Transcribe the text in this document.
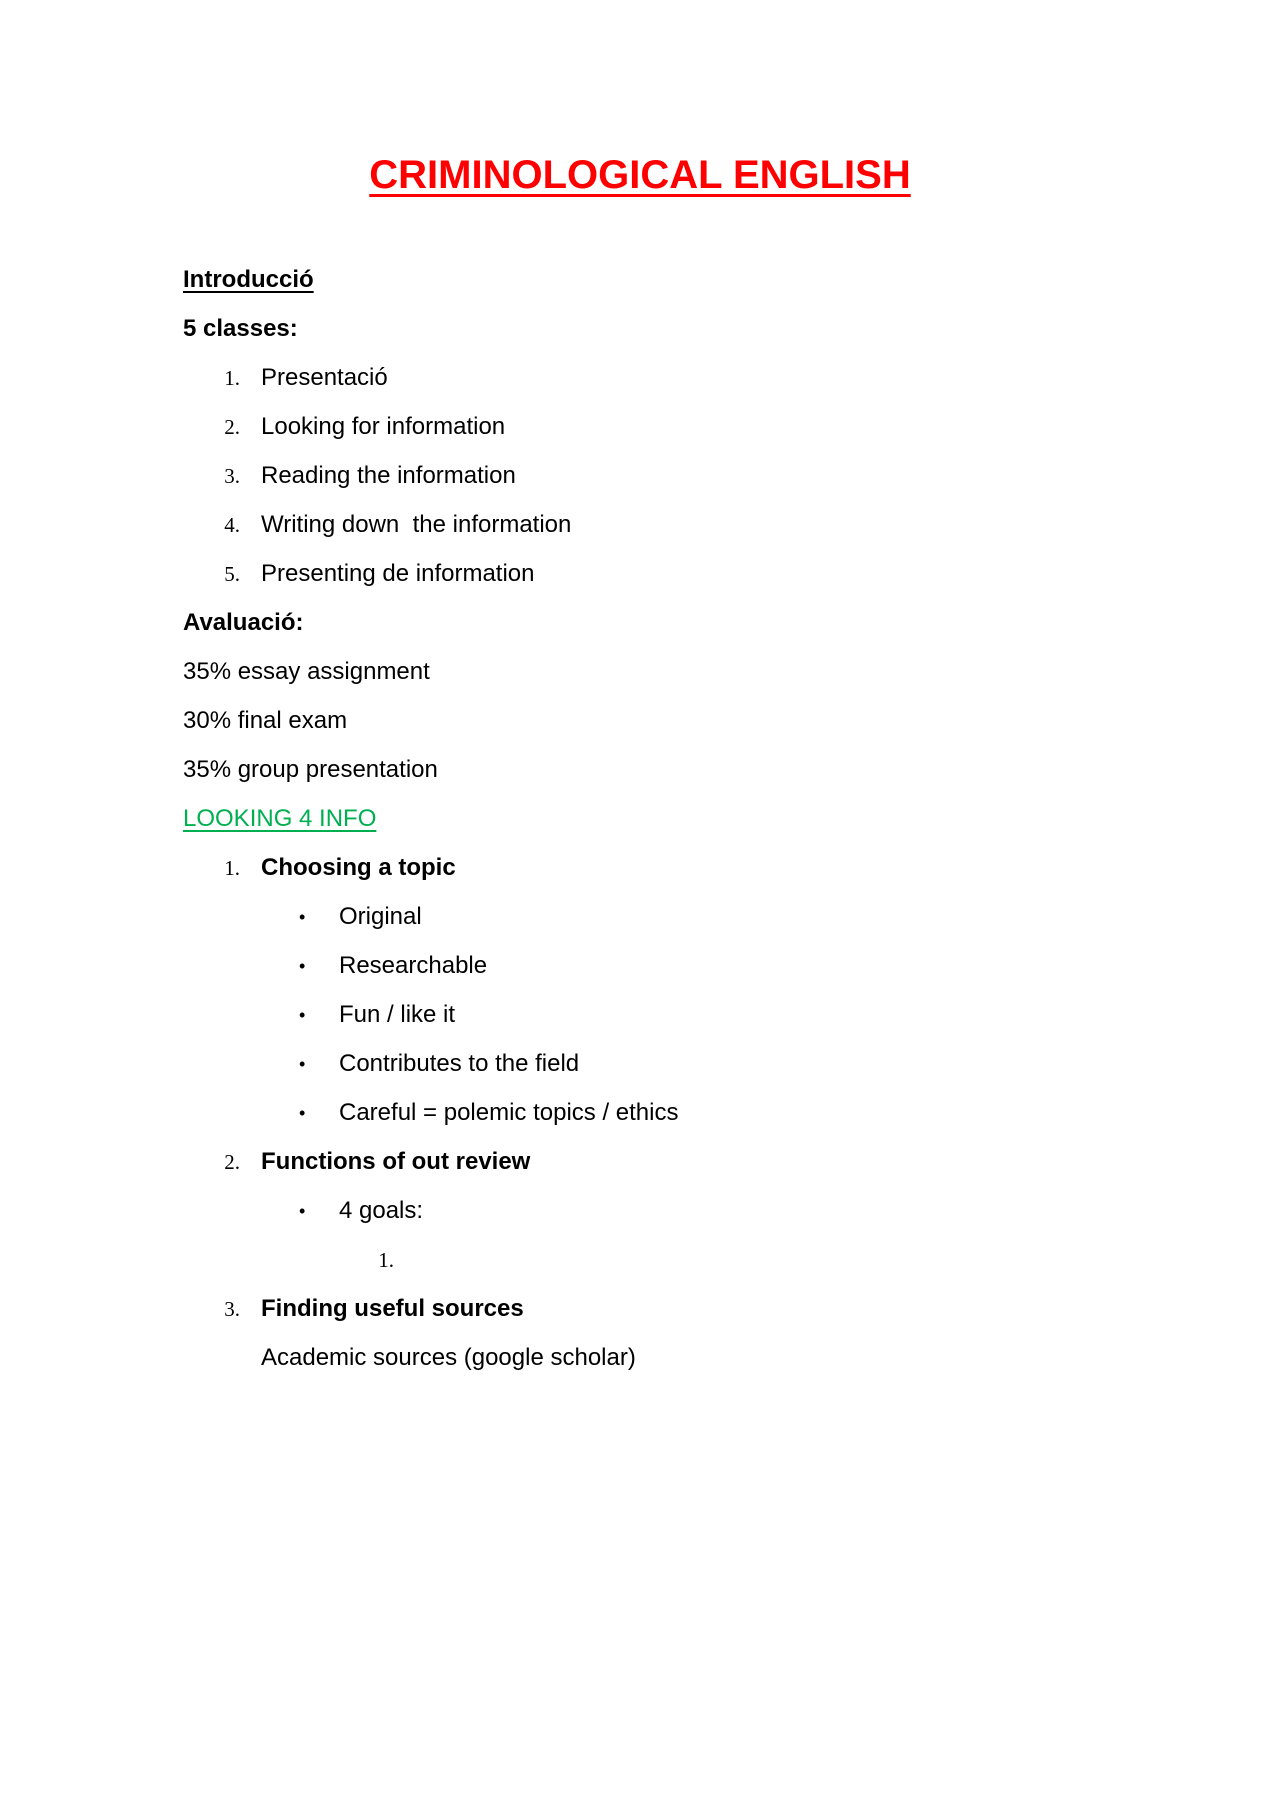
CRIMINOLOGICAL ENGLISH
Introducció
5 classes:
1. Presentació
2. Looking for information
3. Reading the information
4. Writing down  the information
5. Presenting de information
Avaluació:
35% essay assignment
30% final exam
35% group presentation
LOOKING 4 INFO
1. Choosing a topic
• Original
• Researchable
• Fun / like it
• Contributes to the field
• Careful = polemic topics / ethics
2. Functions of out review
• 4 goals:
1.
3. Finding useful sources
Academic sources (google scholar)
